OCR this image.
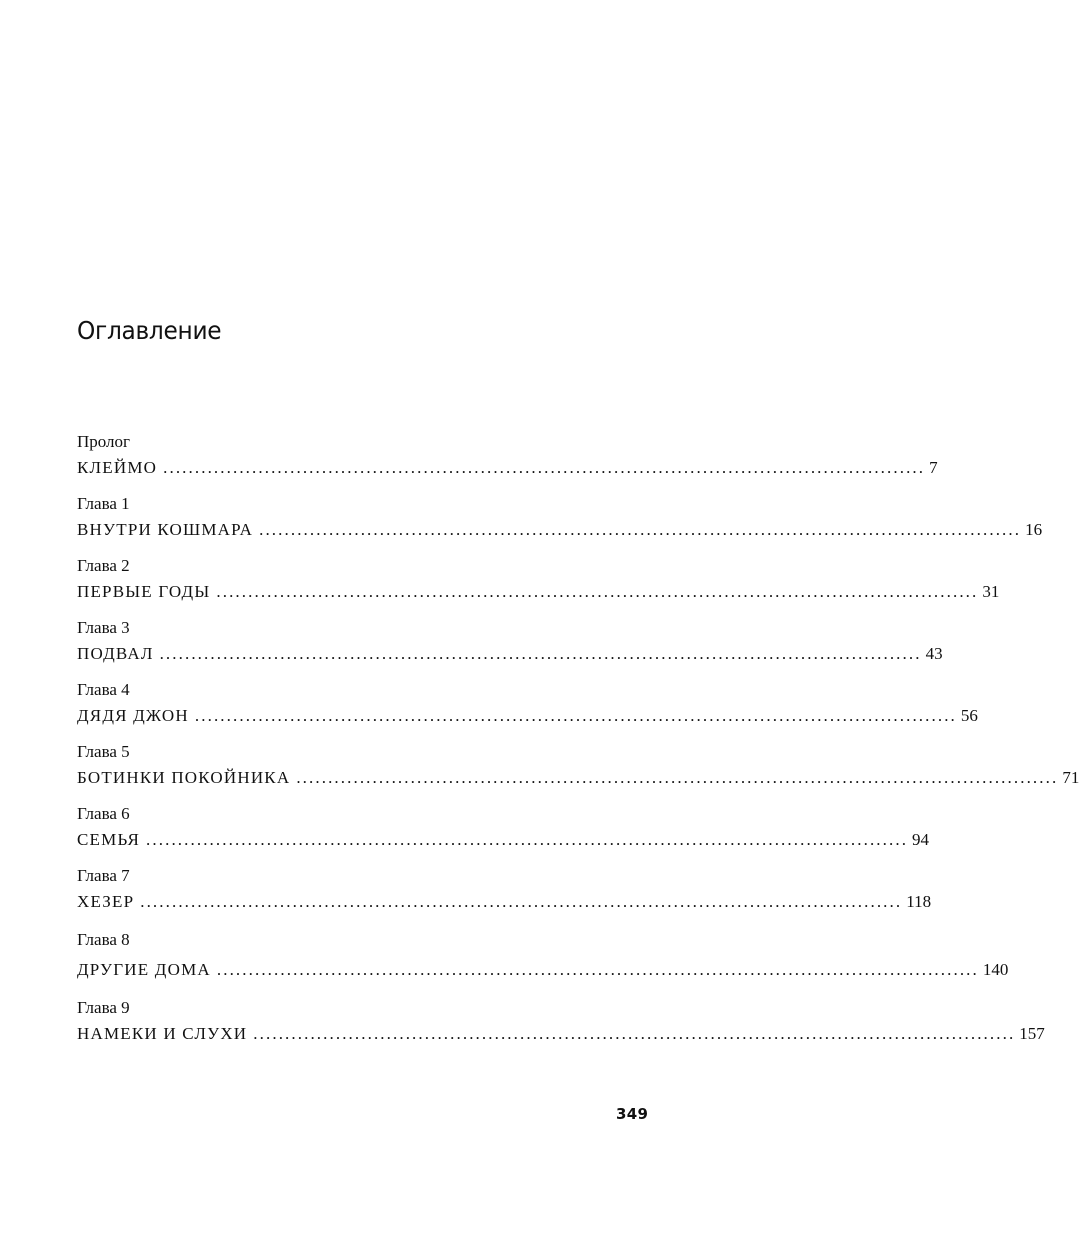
Оглавление
Пролог
КЛЕЙМО ........................................................................................................................ 7
Глава 1
ВНУТРИ КОШМАРА ........................................................................................................................ 16
Глава 2
ПЕРВЫЕ ГОДЫ ........................................................................................................................ 31
Глава 3
ПОДВАЛ ........................................................................................................................ 43
Глава 4
ДЯДЯ ДЖОН ........................................................................................................................ 56
Глава 5
БОТИНКИ ПОКОЙНИКА ........................................................................................................................ 71
Глава 6
СЕМЬЯ ........................................................................................................................ 94
Глава 7
ХЕЗЕР ........................................................................................................................ 118
Глава 8
ДРУГИЕ ДОМА ........................................................................................................................ 140
Глава 9
НАМЕКИ И СЛУХИ ........................................................................................................................ 157
349
